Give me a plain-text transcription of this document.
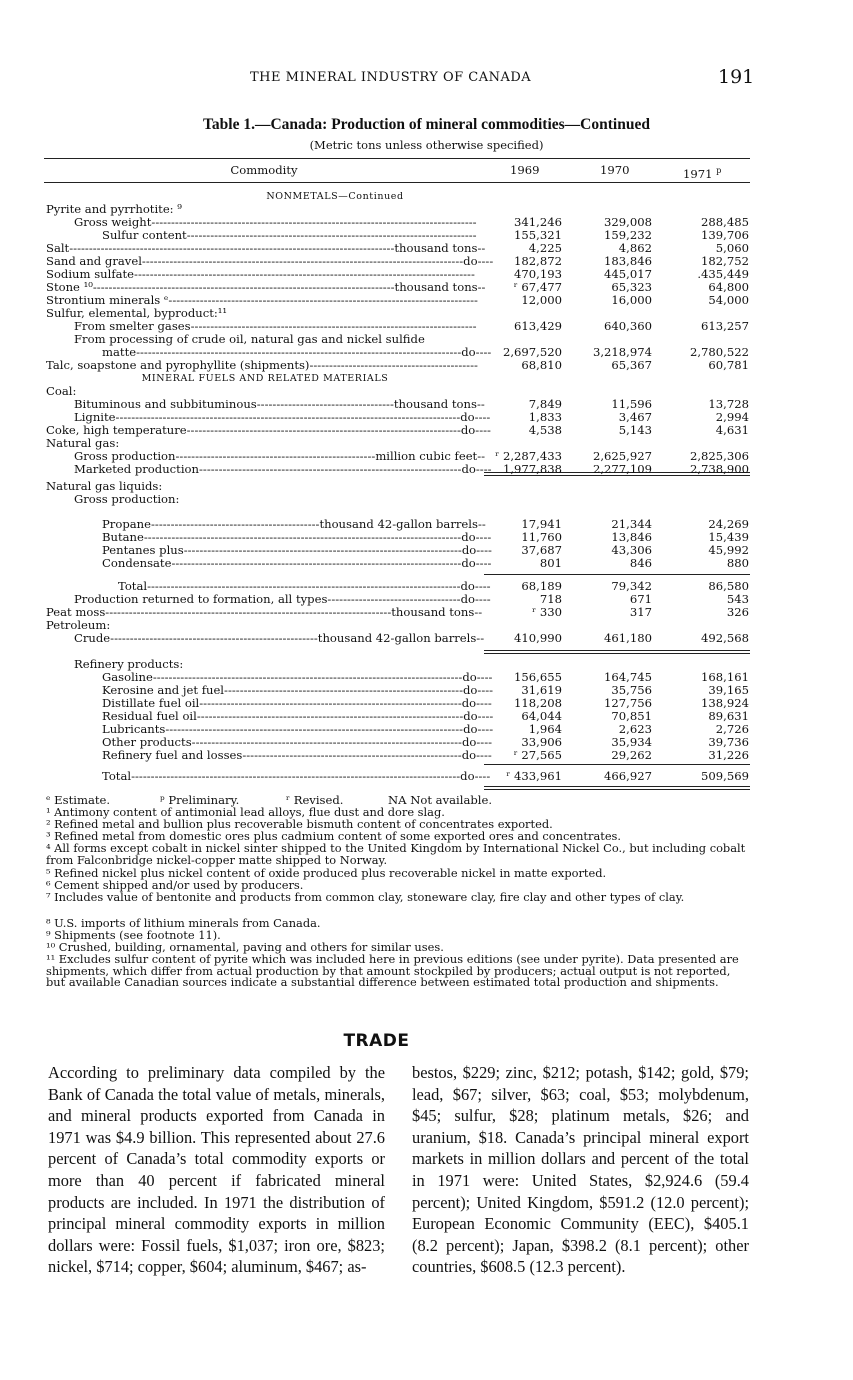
THE MINERAL INDUSTRY OF CANADA	191
Table 1.—Canada: Production of mineral commodities—Continued
(Metric tons unless otherwise specified)
Commodity	1969	1970	1971 $^p$
NONMETALS—Continued
Pyrite and pyrrhotite: ⁹
Gross weight-----------------------------------------------------------------------------------	341,246	329,008	288,485
Sulfur content--------------------------------------------------------------------------	155,321	159,232	139,706
Salt-----------------------------------------------------------------------------------thousand tons--	4,225	4,862	5,060
Sand and gravel----------------------------------------------------------------------------------do----	182,872	183,846	182,752
Sodium sulfate---------------------------------------------------------------------------------------	470,193	445,017	.435,449
Stone ¹⁰-----------------------------------------------------------------------------thousand tons--	ʳ 67,477	65,323	64,800
Strontium minerals ᵉ-------------------------------------------------------------------------------	12,000	16,000	54,000
Sulfur, elemental, byproduct:¹¹
From smelter gases-------------------------------------------------------------------------	613,429	640,360	613,257
From processing of crude oil, natural gas and nickel sulfide
matte-----------------------------------------------------------------------------------do----	2,697,520	3,218,974	2,780,522
Talc, soapstone and pyrophyllite (shipments)-------------------------------------------	68,810	65,367	60,781
MINERAL FUELS AND RELATED MATERIALS
Coal:
Bituminous and subbituminous-----------------------------------thousand tons--	7,849	11,596	13,728
Lignite----------------------------------------------------------------------------------------do----	1,833	3,467	2,994
Coke, high temperature----------------------------------------------------------------------do----	4,538	5,143	4,631
Natural gas:
Gross production---------------------------------------------------million cubic feet-- ʳ 2,287,433	2,625,927	2,825,306
Marketed production-------------------------------------------------------------------do---- 1,977,838	2,277,109	2,738,900
Natural gas liquids:
Gross production:
Propane-------------------------------------------thousand 42-gallon barrels--	17,941	21,344	24,269
Butane---------------------------------------------------------------------------------do----	11,760	13,846	15,439
Pentanes plus-----------------------------------------------------------------------do----	37,687	43,306	45,992
Condensate--------------------------------------------------------------------------do----	801	846	880
Total--------------------------------------------------------------------------------do----	68,189	79,342	86,580
Production returned to formation, all types----------------------------------do----	718	671	543
Peat moss-------------------------------------------------------------------------thousand tons--	ʳ 330	317	326
Petroleum:
Crude-----------------------------------------------------thousand 42-gallon barrels--	410,990	461,180	492,568
Refinery products:
Gasoline-------------------------------------------------------------------------------do----	156,655	164,745	168,161
Kerosine and jet fuel-------------------------------------------------------------do----	31,619	35,756	39,165
Distillate fuel oil-------------------------------------------------------------------do----	118,208	127,756	138,924
Residual fuel oil--------------------------------------------------------------------do----	64,044	70,851	89,631
Lubricants----------------------------------------------------------------------------do----	1,964	2,623	2,726
Other products---------------------------------------------------------------------do----	33,906	35,934	39,736
Refinery fuel and losses--------------------------------------------------------do----	ʳ 27,565	29,262	31,226
Total------------------------------------------------------------------------------------do----	ʳ 433,961	466,927	509,569
ᵉ Estimate.	ᵖ Preliminary.	ʳ Revised.	NA Not available.
¹ Antimony content of antimonial lead alloys, flue dust and dore slag.
² Refined metal and bullion plus recoverable bismuth content of concentrates exported.
³ Refined metal from domestic ores plus cadmium content of some exported ores and concentrates.
⁴ All forms except cobalt in nickel sinter shipped to the United Kingdom by International Nickel Co., but including cobalt from Falconbridge nickel-copper matte shipped to Norway.
⁵ Refined nickel plus nickel content of oxide produced plus recoverable nickel in matte exported.
⁶ Cement shipped and/or used by producers.
⁷ Includes value of bentonite and products from common clay, stoneware clay, fire clay and other types of clay.
⁸ U.S. imports of lithium minerals from Canada.
⁹ Shipments (see footnote 11).
¹⁰ Crushed, building, ornamental, paving and others for similar uses.
¹¹ Excludes sulfur content of pyrite which was included here in previous editions (see under pyrite). Data presented are shipments, which differ from actual production by that amount stockpiled by producers; actual output is not reported, but available Canadian sources indicate a substantial difference between estimated total production and shipments.
TRADE

According to preliminary data compiled by the Bank of Canada the total value of metals, minerals, and mineral products exported from Canada in 1971 was $4.9 billion. This represented about 27.6 percent of Canada’s total commodity exports or more than 40 percent if fabricated mineral products are included. In 1971 the distribution of principal mineral commodity exports in million dollars were: Fossil fuels, $1,037; iron ore, $823; nickel, $714; copper, $604; aluminum, $467; as-

bestos, $229; zinc, $212; potash, $142; gold, $79; lead, $67; silver, $63; coal, $53; molybdenum, $45; sulfur, $28; platinum metals, $26; and uranium, $18. Canada’s principal mineral export markets in million dollars and percent of the total in 1971 were: United States, $2,924.6 (59.4 percent); United Kingdom, $591.2 (12.0 percent); European Economic Community (EEC), $405.1 (8.2 percent); Japan, $398.2 (8.1 percent); other countries, $608.5 (12.3 percent).
